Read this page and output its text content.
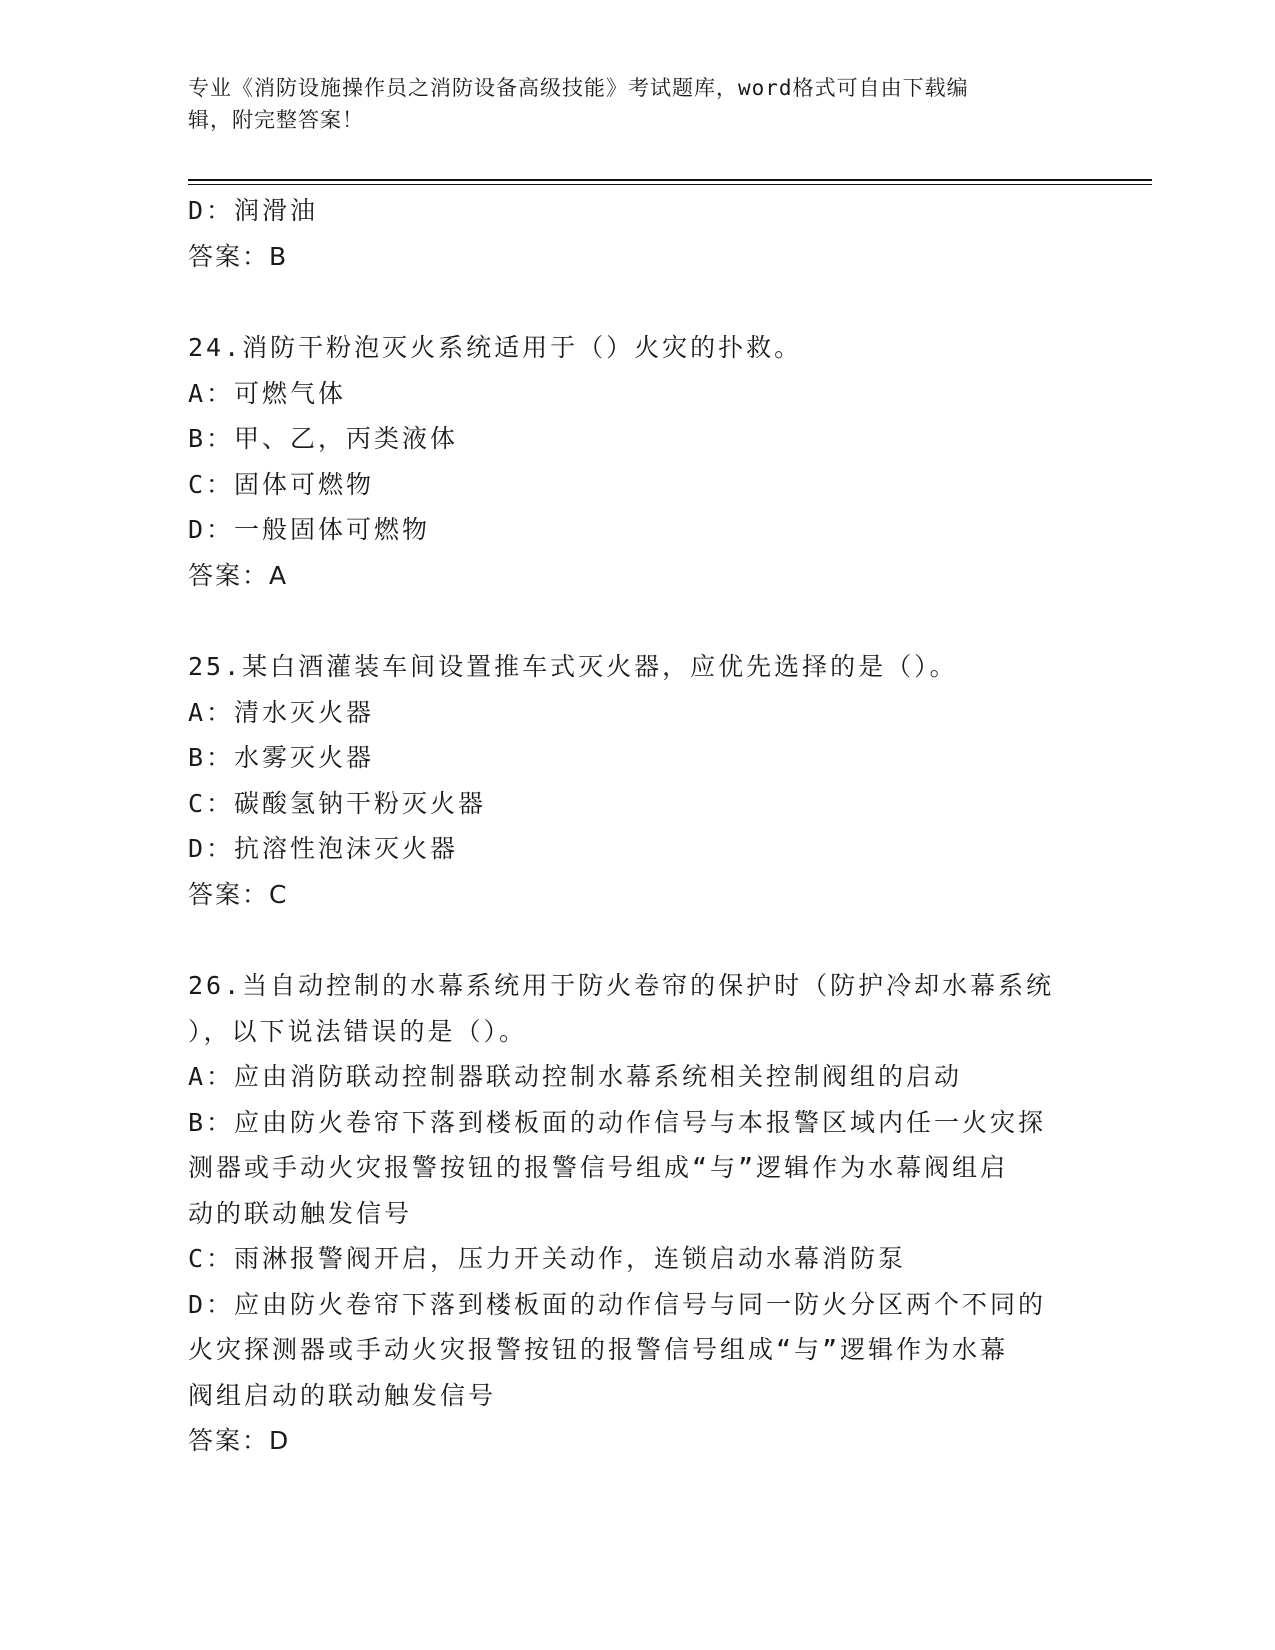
专业《消防设施操作员之消防设备高级技能》考试题库，word格式可自由下载编
辑，附完整答案！

D：润滑油

答案：B

24.消防干粉泡灭火系统适用于（）火灾的扑救。

A：可燃气体

B：甲、乙，丙类液体

C：固体可燃物

D：一般固体可燃物

答案：A

25.某白酒灌装车间设置推车式灭火器，应优先选择的是（）。

A：清水灭火器

B：水雾灭火器

C：碳酸氢钠干粉灭火器

D：抗溶性泡沫灭火器

答案：C

26.当自动控制的水幕系统用于防火卷帘的保护时（防护冷却水幕系统

），以下说法错误的是（）。

A：应由消防联动控制器联动控制水幕系统相关控制阀组的启动

B：应由防火卷帘下落到楼板面的动作信号与本报警区域内任一火灾探

测器或手动火灾报警按钮的报警信号组成“与”逻辑作为水幕阀组启

动的联动触发信号

C：雨淋报警阀开启，压力开关动作，连锁启动水幕消防泵

D：应由防火卷帘下落到楼板面的动作信号与同一防火分区两个不同的

火灾探测器或手动火灾报警按钮的报警信号组成“与”逻辑作为水幕

阀组启动的联动触发信号

答案：D
